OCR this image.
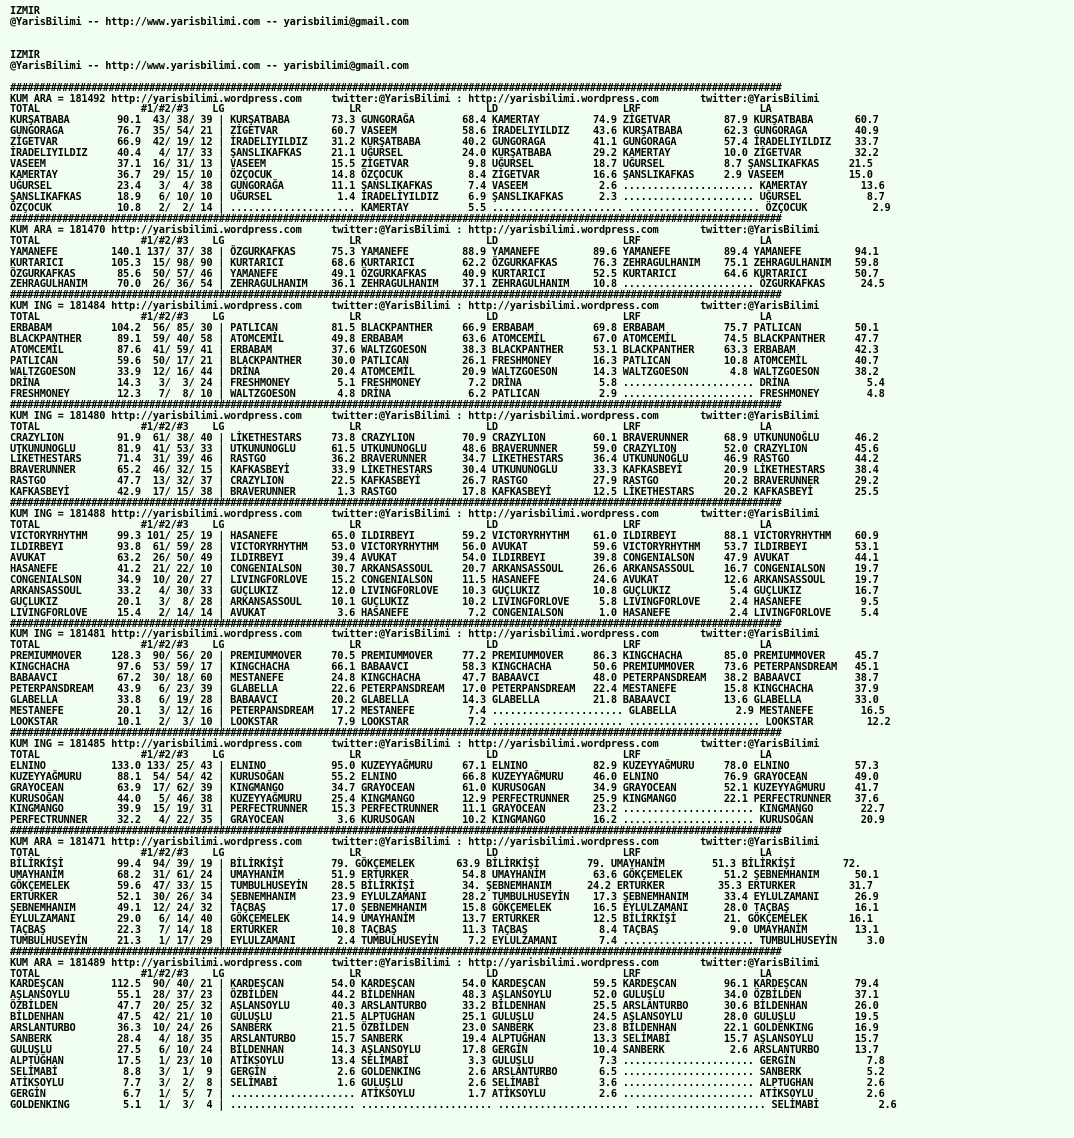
IZMIR
@YarisBilimi -- http://www.yarisbilimi.com -- yarisbilimi@gmail.com

IZMIR
@YarisBilimi -- http://www.yarisbilimi.com -- yarisbilimi@gmail.com

#####################################################################################################################################
KUM ARA = 181492 http://yarisbilimi.wordpress.com     twitter:@YarisBilimi : http://yarisbilimi.wordpress.com       twitter:@YarisBilimi
TOTAL                 #1/#2/#3    LG                     LR                     LD                     LRF                    LA
KURŞATBABA        90.1  43/ 38/ 39 | KURŞATBABA       73.3 GUNGORAĞA        68.4 KAMERTAY         74.9 ZİGETVAR         87.9 KURŞATBABA       60.7
GUNGORAGA         76.7  35/ 54/ 21 | ZİGETVAR         60.7 VASEEM           58.6 İRADELIYILDIZ    43.6 KURŞATBABA       62.3 GUNGORAGA        40.9
ZİGETVAR          66.9  42/ 19/ 12 | İRADELIYILDIZ    31.2 KURŞATBABA       40.2 GUNGORAGA        41.1 GUNGORAGA        57.4 İRADELIYILDIZ    33.7
İRADELIYILDIZ     40.4   4/ 17/ 33 | ŞANSLIKAFKAS     21.1 UĞURSEL          24.0 KURŞATBABA       29.2 KAMERTAY         10.0 ZİGETVAR         32.2
VASEEM            37.1  16/ 31/ 13 | VASEEM           15.5 ZİGETVAR          9.8 UĞURSEL          18.7 UĞURSEL          8.7 ŞANSLIKAFKAS     21.5
KAMERTAY          36.7  29/ 15/ 10 | ÖZÇOCUK          14.8 ÖZÇOCUK           8.4 ZİGETVAR         16.6 ŞANSLIKAFKAS     2.9 VASEEM           15.0
UĞURSEL           23.4   3/  4/ 38 | GUNGORAĞA        11.1 ŞANSLIKAFKAS      7.4 VASEEM            2.6 ...................... KAMERTAY         13.6
ŞANSLIKAFKAS      18.9   6/ 10/ 10 | UĞURSEL           1.4 İRADELİYILDIZ     6.9 ŞANSLIKAFKAS      2.3 ...................... UĞURSEL           8.7
ÖZÇOCUK           10.8   2/  2/ 14 | ..................... KAMERTAY          5.5 ...................... ...................... ÖZÇOCUK           2.9
#####################################################################################################################################
KUM ARA = 181470 http://yarisbilimi.wordpress.com     twitter:@YarisBilimi : http://yarisbilimi.wordpress.com       twitter:@YarisBilimi
TOTAL                 #1/#2/#3    LG                     LR                     LD                     LRF                    LA
YAMANEFE         140.1 137/ 37/ 38 | ÖZGURKAFKAS      75.3 YAMANEFE         88.9 YAMANEFE         89.6 YAMANEFE         89.4 YAMANEFE         94.1
KURTARICI        105.3  15/ 98/ 90 | KURTARICI        68.6 KURTARICI        62.2 ÖZGURKAFKAS      76.3 ZEHRAGULHANIM    75.1 ZEHRAGULHANIM    59.8
ÖZGURKAFKAS       85.6  50/ 57/ 46 | YAMANEFE         49.1 ÖZGURKAFKAS      40.9 KURTARICI        52.5 KURTARICI        64.6 KURTARICI        50.7
ZEHRAGULHANIM     70.0  26/ 36/ 54 | ZEHRAGULHANIM    36.1 ZEHRAGULHANIM    37.1 ZEHRAGULHANIM    10.8 ...................... ÖZGURKAFKAS      24.5
#####################################################################################################################################
KUM ING = 181484 http://yarisbilimi.wordpress.com     twitter:@YarisBilimi : http://yarisbilimi.wordpress.com       twitter:@YarisBilimi
TOTAL                 #1/#2/#3    LG                     LR                     LD                     LRF                    LA
ERBABAM          104.2  56/ 85/ 30 | PATLICAN         81.5 BLACKPANTHER     66.9 ERBABAM          69.8 ERBABAM          75.7 PATLICAN         50.1
BLACKPANTHER      89.1  59/ 40/ 58 | ATOMCEMİL        49.8 ERBABAM          63.6 ATOMCEMİL        67.0 ATOMCEMİL        74.5 BLACKPANTHER     47.7
ATOMCEMİL         87.6  41/ 59/ 41 | ERBABAM          37.6 WALTZGOESON      38.3 BLACKPANTHER     53.1 BLACKPANTHER     63.3 ERBABAM          42.3
PATLICAN          59.6  50/ 17/ 21 | BLACKPANTHER     30.0 PATLICAN         26.1 FRESHMONEY       16.3 PATLICAN         10.8 ATOMCEMİL        40.7
WALTZGOESON       33.9  12/ 16/ 44 | DRİNA            20.4 ATOMCEMİL        20.9 WALTZGOESON      14.3 WALTZGOESON       4.8 WALTZGOESON      38.2
DRİNA             14.3   3/  3/ 24 | FRESHMONEY        5.1 FRESHMONEY        7.2 DRİNA             5.8 ...................... DRİNA             5.4
FRESHMONEY        12.3   7/  8/ 10 | WALTZGOESON       4.8 DRİNA             6.2 PATLICAN          2.9 ...................... FRESHMONEY        4.8
#####################################################################################################################################
KUM ING = 181480 http://yarisbilimi.wordpress.com     twitter:@YarisBilimi : http://yarisbilimi.wordpress.com       twitter:@YarisBilimi
TOTAL                 #1/#2/#3    LG                     LR                     LD                     LRF                    LA
CRAZYLION         91.9  61/ 38/ 40 | LİKETHESTARS     73.8 CRAZYLION        70.9 CRAZYLION        60.1 BRAVERUNNER      68.9 UTKUNUNOĞLU      46.2
UTKUNUNOGLU       81.9  41/ 53/ 33 | UTKUNUNOGLU      61.5 UTKUNUNOGLU      48.6 BRAVERUNNER      59.0 CRAZYLION        52.0 CRAZYLION        45.6
LİKETHESTARS      71.4  31/ 39/ 46 | RASTGO           36.2 BRAVERUNNER      34.7 LİKETHESTARS     36.4 UTKUNUNOĞLU      46.9 RASTGO           44.2
BRAVERUNNER       65.2  46/ 32/ 15 | KAFKASBEYİ       33.9 LİKETHESTARS     30.4 UTKUNUNOGLU      33.3 KAFKASBEYİ       20.9 LİKETHESTARS     38.4
RASTGO            47.7  13/ 32/ 37 | CRAZYLION        22.5 KAFKASBEYİ       26.7 RASTGO           27.9 RASTGO           20.2 BRAVERUNNER      29.2
KAFKASBEYİ        42.9  17/ 15/ 38 | BRAVERUNNER       1.3 RASTGO           17.8 KAFKASBEYİ       12.5 LİKETHESTARS     20.2 KAFKASBEYİ       25.5
#####################################################################################################################################
KUM ING = 181488 http://yarisbilimi.wordpress.com     twitter:@YarisBilimi : http://yarisbilimi.wordpress.com       twitter:@YarisBilimi
TOTAL                 #1/#2/#3    LG                     LR                     LD                     LRF                    LA
VICTORYRHYTHM     99.3 101/ 25/ 19 | HASANEFE         65.0 ILDIRBEYI        59.2 VICTORYRHYTHM    61.0 ILDIRBEYI        88.1 VICTORYRHYTHM    60.9
ILDIRBEYI         93.8  61/ 59/ 28 | VICTORYRHYTHM    53.0 VICTORYRHYTHM    56.0 AVUKAT           59.6 VICTORYRHYTHM    53.7 ILDIRBEYI        53.1
AVUKAT            63.2  26/ 50/ 49 | ILDIRBEYI        39.4 AVUKAT           54.0 ILDIRBEYI        39.8 CONGENIALSON     47.9 AVUKAT           44.1
HASANEFE          41.2  21/ 22/ 10 | CONGENIALSON     30.7 ARKANSASSOUL     20.7 ARKANSASSOUL     26.6 ARKANSASSOUL     16.7 CONGENIALSON     19.7
CONGENIALSON      34.9  10/ 20/ 27 | LIVINGFORLOVE    15.2 CONGENIALSON     11.5 HASANEFE         24.6 AVUKAT           12.6 ARKANSASSOUL     19.7
ARKANSASSOUL      33.2   4/ 30/ 33 | GUÇLUKIZ         12.0 LIVINGFORLOVE    10.3 GUÇLUKIZ         10.8 GUÇLUKIZ          5.4 GUÇLUKIZ         16.7
GUÇLUKIZ          20.1   3/  8/ 28 | ARKANSASSOUL     10.1 GUÇLUKIZ         10.2 LIVINGFORLOVE     5.8 LIVINGFORLOVE     2.4 HASANEFE          9.5
LIVINGFORLOVE     15.4   2/ 14/ 14 | AVUKAT            3.6 HASANEFE          7.2 CONGENIALSON      1.0 HASANEFE          2.4 LIVINGFORLOVE     5.4
#####################################################################################################################################
KUM ING = 181481 http://yarisbilimi.wordpress.com     twitter:@YarisBilimi : http://yarisbilimi.wordpress.com       twitter:@YarisBilimi
TOTAL                 #1/#2/#3    LG                     LR                     LD                     LRF                    LA
PREMIUMMOVER     128.3  90/ 56/ 20 | PREMIUMMOVER     70.5 PREMIUMMOVER     77.2 PREMIUMMOVER     86.3 KINGCHACHA       85.0 PREMIUMMOVER     45.7
KINGCHACHA        97.6  53/ 59/ 17 | KINGCHACHA       66.1 BABAAVCI         58.3 KINGCHACHA       50.6 PREMIUMMOVER     73.6 PETERPANSDREAM   45.1
BABAAVCI          67.2  30/ 18/ 60 | MESTANEFE        24.8 KINGCHACHA       47.7 BABAAVCI         48.0 PETERPANSDREAM   38.2 BABAAVCI         38.7
PETERPANSDREAM    43.9   6/ 23/ 39 | GLABELLA         22.6 PETERPANSDREAM   17.0 PETERPANSDREAM   22.4 MESTANEFE        15.8 KINGCHACHA       37.9
GLABELLA          33.8   6/ 19/ 28 | BABAAVCI         20.2 GLABELLA         14.3 GLABELLA         21.8 BABAAVCI         13.6 GLABELLA         33.0
MESTANEFE         20.1   3/ 12/ 16 | PETERPANSDREAM   17.2 MESTANEFE         7.4 ...................... GLABELLA          2.9 MESTANEFE        16.5
LOOKSTAR          10.1   2/  3/ 10 | LOOKSTAR          7.9 LOOKSTAR          7.2 ...................... ...................... LOOKSTAR         12.2
#####################################################################################################################################
KUM ING = 181485 http://yarisbilimi.wordpress.com     twitter:@YarisBilimi : http://yarisbilimi.wordpress.com       twitter:@YarisBilimi
TOTAL                 #1/#2/#3    LG                     LR                     LD                     LRF                    LA
ELNINO           133.0 133/ 25/ 43 | ELNINO           95.0 KUZEYYAĞMURU     67.1 ELNINO           82.9 KUZEYYAĞMURU     78.0 ELNINO           57.3
KUZEYYAĞMURU      88.1  54/ 54/ 42 | KURUSOĞAN        55.2 ELNINO           66.8 KUZEYYAĞMURU     46.0 ELNINO           76.9 GRAYOCEAN        49.0
GRAYOCEAN         63.9  17/ 62/ 39 | KINGMANGO        34.7 GRAYOCEAN        61.0 KURUSOGAN        34.9 GRAYOCEAN        52.1 KUZEYYAĞMURU     41.7
KURUSOĞAN         44.0   5/ 46/ 38 | KUZEYYAĞMURU     25.4 KINGMANGO        12.9 PERFECTRUNNER    25.9 KINGMANGO        22.1 PERFECTRUNNER    37.6
KINGMANGO         39.9  15/ 19/ 31 | PERFECTRUNNER    15.3 PERFECTRUNNER    11.1 GRAYOCEAN        23.2 ...................... KINGMANGO        22.7
PERFECTRUNNER     32.2   4/ 22/ 35 | GRAYOCEAN         3.6 KURUSOGAN        10.2 KINGMANGO        16.2 ...................... KURUSOĞAN        20.9
#####################################################################################################################################
KUM ARA = 181471 http://yarisbilimi.wordpress.com     twitter:@YarisBilimi : http://yarisbilimi.wordpress.com       twitter:@YarisBilimi
TOTAL                 #1/#2/#3    LG                     LR                     LD                     LRF                    LA
BİLİRKİŞİ         99.4  94/ 39/ 19 | BİLİRKİŞİ        79. GÖKÇEMELEK       63.9 BİLİRKİŞİ        79. UMAYHANİM        51.3 BİLİRKİŞİ        72.
UMAYHANİM         68.2  31/ 61/ 24 | UMAYHANİM        51.9 ERTURKER         54.8 UMAYHANİM        63.6 GÖKÇEMELEK       51.2 ŞEBNEMHANIM      50.1
GÖKÇEMELEK        59.6  47/ 33/ 15 | TUMBULHUSEYİN    28.5 BİLİRKİŞİ        34. ŞEBNEMHANIM      24.2 ERTURKER         35.3 ERTURKER         31.7
ERTURKER          52.1  30/ 26/ 34 | ŞEBNEMHANIM      23.9 EYLULZAMANI      28.2 TUMBULHUSEYİN    17.3 ŞEBNEMHANIM      33.4 EYLULZAMANI      26.9
ŞEBNEMHANIM       49.1  12/ 24/ 32 | TAÇBAŞ           17.0 ŞEBNEMHANIM      15.8 GÖKÇEMELEK       16.5 EYLULZAMANI      28.0 TAÇBAŞ           16.1
EYLULZAMANI       29.0   6/ 14/ 40 | GÖKÇEMELEK       14.9 UMAYHANİM        13.7 ERTURKER         12.5 BİLİRKİŞİ        21. GÖKÇEMELEK       16.1
TAÇBAŞ            22.3   7/ 14/ 18 | ERTURKER         10.8 TAÇBAŞ           11.3 TAÇBAŞ            8.4 TAÇBAŞ            9.0 UMAYHANİM        13.1
TUMBULHUSEYİN     21.3   1/ 17/ 29 | EYLULZAMANI       2.4 TUMBULHUSEYİN     7.2 EYLULZAMANI       7.4 ...................... TUMBULHUSEYİN     3.0
#####################################################################################################################################
KUM ARA = 181489 http://yarisbilimi.wordpress.com     twitter:@YarisBilimi : http://yarisbilimi.wordpress.com       twitter:@YarisBilimi
TOTAL                 #1/#2/#3    LG                     LR                     LD                     LRF                    LA
KARDEŞCAN        112.5  90/ 40/ 21 | KARDEŞCAN        54.0 KARDEŞCAN        54.0 KARDEŞCAN        59.5 KARDEŞCAN        96.1 KARDEŞCAN        79.4
AŞLANSOYLU        55.1  28/ 37/ 23 | ÖZBİLDEN         44.2 BİLDENHAN        48.3 AŞLANSOYLU       52.0 GULUŞLU          34.0 ÖZBİLDEN         37.1
ÖZBİLDEN          47.7  20/ 25/ 32 | AŞLANSOYLU       40.3 ARSLANTURBO      33.2 BİLDENHAN        25.5 ARSLANTURBO      30.6 BİLDENHAN        26.0
BİLDENHAN         47.5  42/ 21/ 10 | GULUŞLU          21.5 ALPTUGHAN        25.1 GULUŞLU          24.5 AŞLANSOYLU       28.0 GULUŞLU          19.5
ARSLANTURBO       36.3  10/ 24/ 26 | SANBERK          21.5 ÖZBİLDEN         23.0 SANBERK          23.8 BİLDENHAN        22.1 GOLDENKING       16.9
SANBERK           28.4   4/ 18/ 35 | ARSLANTURBO      15.7 SANBERK          19.4 ALPTUĞHAN        13.3 SELİMABİ         15.7 AŞLANSOYLU       15.7
GULUŞLU           27.5   6/ 10/ 24 | BİLDENHAN        14.3 AŞLANSOYLU       17.8 GERGİN           10.4 SANBERK           2.6 ARSLANTURBO      13.7
ALPTUĞHAN         17.5   1/ 23/ 10 | ATİKSOYLU        13.4 SELİMABİ          3.3 GULUŞLU           7.3 ...................... GERGİN            7.8
SELİMABİ           8.8   3/  1/  9 | GERGİN            2.6 GOLDENKING        2.6 ARSLANTURBO       6.5 ...................... SANBERK           5.2
ATİKSOYLU          7.7   3/  2/  8 | SELİMABİ          1.6 GULUŞLU           2.6 SELİMABİ          3.6 ...................... ALPTUGHAN         2.6
GERGİN             6.7   1/  5/  7 | ..................... ATİKSOYLU         1.7 ATİKSOYLU         2.6 ...................... ATİKSOYLU         2.6
GOLDENKING         5.1   1/  3/  4 | ..................... ...................... ...................... ...................... SELİMABİ          2.6
